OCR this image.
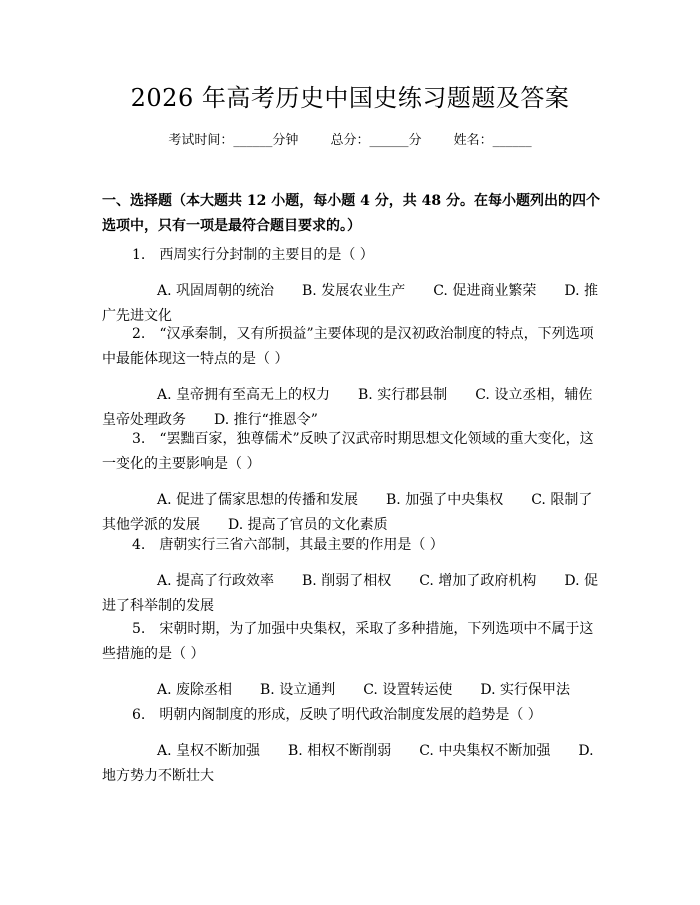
2026 年高考历史中国史练习题题及答案
考试时间：______分钟 总分：______分 姓名：______
一、选择题（本大题共 12 小题，每小题 4 分，共 48 分。在每小题列出的四个选项中，只有一项是最符合题目要求的。）
1.　西周实行分封制的主要目的是（ ）
A. 巩固周朝的统治 B. 发展农业生产 C. 促进商业繁荣 D. 推广先进文化
2.　“汉承秦制，又有所损益”主要体现的是汉初政治制度的特点，下列选项中最能体现这一特点的是（ ）
A. 皇帝拥有至高无上的权力 B. 实行郡县制 C. 设立丞相，辅佐皇帝处理政务 D. 推行“推恩令”
3.　“罢黜百家，独尊儒术”反映了汉武帝时期思想文化领域的重大变化，这一变化的主要影响是（ ）
A. 促进了儒家思想的传播和发展 B. 加强了中央集权 C. 限制了其他学派的发展 D. 提高了官员的文化素质
4.　唐朝实行三省六部制，其最主要的作用是（ ）
A. 提高了行政效率 B. 削弱了相权 C. 增加了政府机构 D. 促进了科举制的发展
5.　宋朝时期，为了加强中央集权，采取了多种措施，下列选项中不属于这些措施的是（ ）
A. 废除丞相 B. 设立通判 C. 设置转运使 D. 实行保甲法
6.　明朝内阁制度的形成，反映了明代政治制度发展的趋势是（ ）
A. 皇权不断加强 B. 相权不断削弱 C. 中央集权不断加强 D. 地方势力不断壮大
